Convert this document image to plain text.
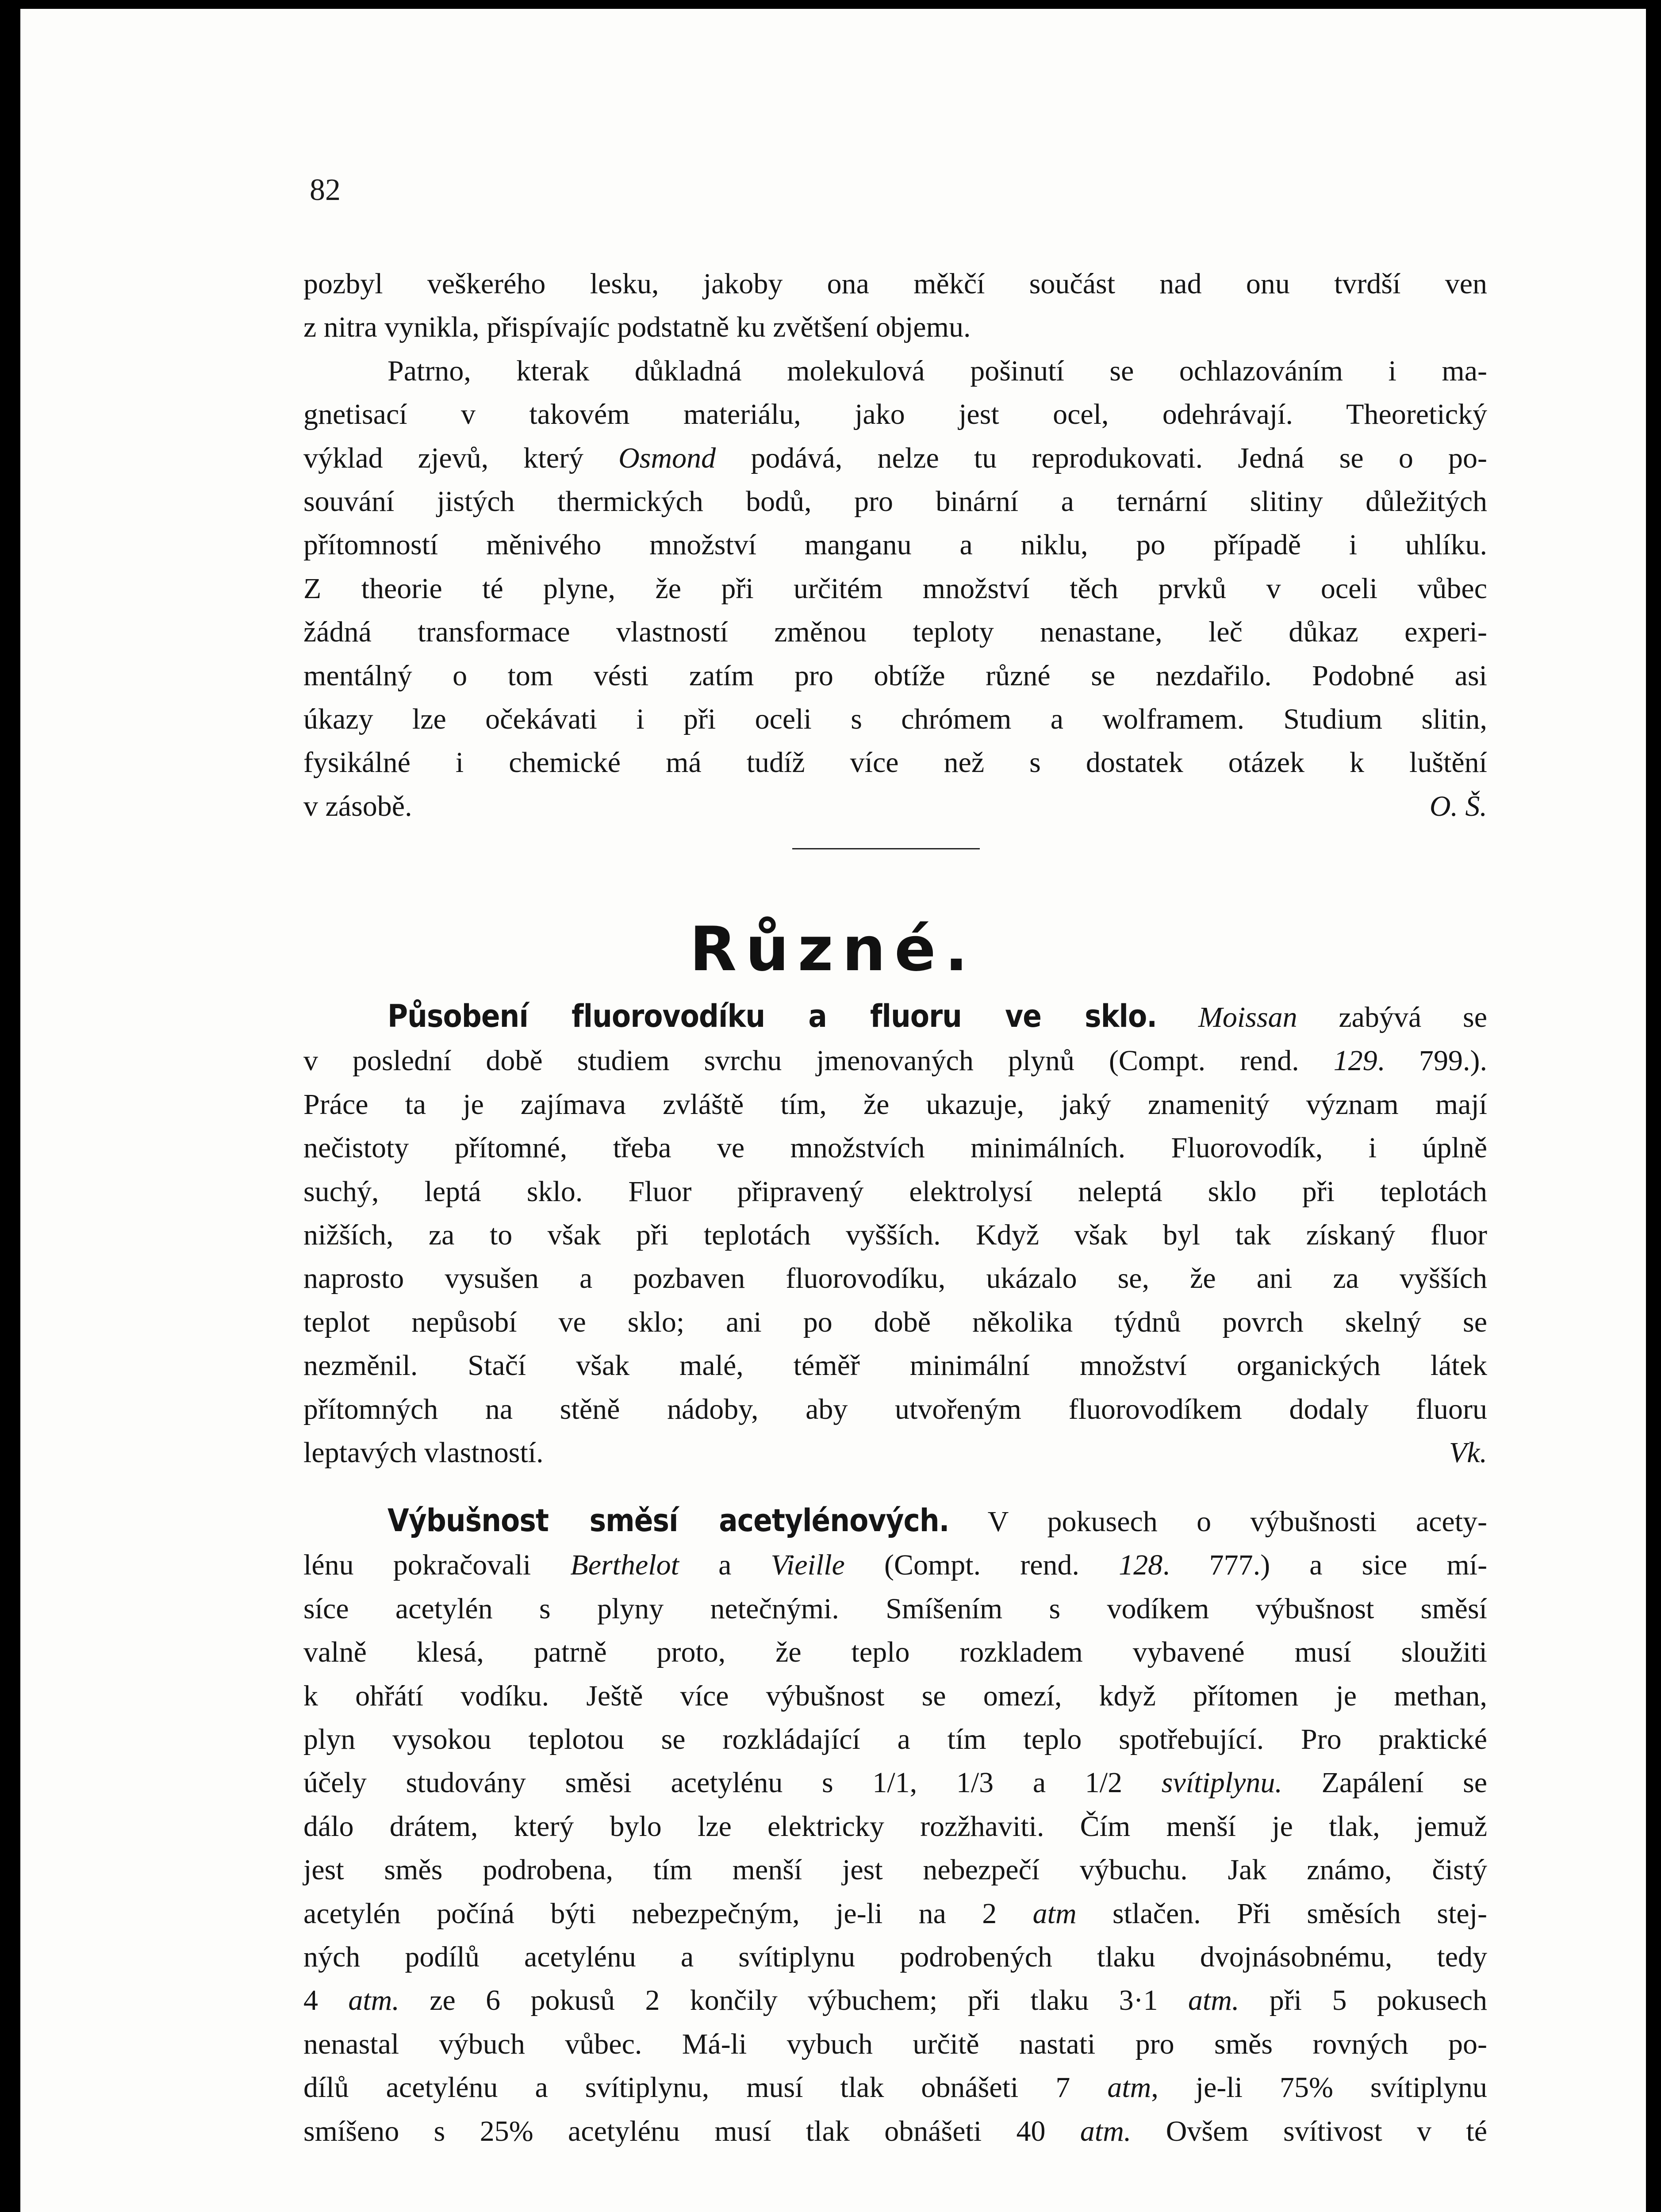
82
pozbyl veškerého lesku, jakoby ona měkčí součást nad onu tvrdší ven
z nitra vynikla, přispívajíc podstatně ku zvětšení objemu.
Patrno, kterak důkladná molekulová pošinutí se ochlazováním i ma-
gnetisací v takovém materiálu, jako jest ocel, odehrávají. Theoretický
výklad zjevů, který Osmond podává, nelze tu reprodukovati. Jedná se o po-
souvání jistých thermických bodů, pro binární a ternární slitiny důležitých
přítomností měnivého množství manganu a niklu, po případě i uhlíku.
Z theorie té plyne, že při určitém množství těch prvků v oceli vůbec
žádná transformace vlastností změnou teploty nenastane, leč důkaz experi-
mentálný o tom vésti zatím pro obtíže různé se nezdařilo. Podobné asi
úkazy lze očekávati i při oceli s chrómem a wolframem. Studium slitin,
fysikálné i chemické má tudíž více než s dostatek otázek k luštění
v zásobě.	O. Š.
Různé.
Působení fluorovodíku a fluoru ve sklo. Moissan zabývá se
v poslední době studiem svrchu jmenovaných plynů (Compt. rend. 129. 799.).
Práce ta je zajímava zvláště tím, že ukazuje, jaký znamenitý význam mají
nečistoty přítomné, třeba ve množstvích minimálních. Fluorovodík, i úplně
suchý, leptá sklo. Fluor připravený elektrolysí neleptá sklo při teplotách
nižších, za to však při teplotách vyšších. Když však byl tak získaný fluor
naprosto vysušen a pozbaven fluorovodíku, ukázalo se, že ani za vyšších
teplot nepůsobí ve sklo; ani po době několika týdnů povrch skelný se
nezměnil. Stačí však malé, téměř minimální množství organických látek
přítomných na stěně nádoby, aby utvořeným fluorovodíkem dodaly fluoru
leptavých vlastností.	Vk.
Výbušnost směsí acetylénových. V pokusech o výbušnosti acety-
lénu pokračovali Berthelot a Vieille (Compt. rend. 128. 777.) a sice mí-
síce acetylén s plyny netečnými. Smíšením s vodíkem výbušnost směsí
valně klesá, patrně proto, že teplo rozkladem vybavené musí sloužiti
k ohřátí vodíku. Ještě více výbušnost se omezí, když přítomen je methan,
plyn vysokou teplotou se rozkládající a tím teplo spotřebující. Pro praktické
účely studovány směsi acetylénu s 1/1, 1/3 a 1/2 svítiplynu. Zapálení se
dálo drátem, který bylo lze elektricky rozžhaviti. Čím menší je tlak, jemuž
jest směs podrobena, tím menší jest nebezpečí výbuchu. Jak známo, čistý
acetylén počíná býti nebezpečným, je-li na 2 atm stlačen. Při směsích stej-
ných podílů acetylénu a svítiplynu podrobených tlaku dvojnásobnému, tedy
4 atm. ze 6 pokusů 2 končily výbuchem; při tlaku 3·1 atm. při 5 pokusech
nenastal výbuch vůbec. Má-li vybuch určitě nastati pro směs rovných po-
dílů acetylénu a svítiplynu, musí tlak obnášeti 7 atm, je-li 75% svítiplynu
smíšeno s 25% acetylénu musí tlak obnášeti 40 atm. Ovšem svítivost v té
